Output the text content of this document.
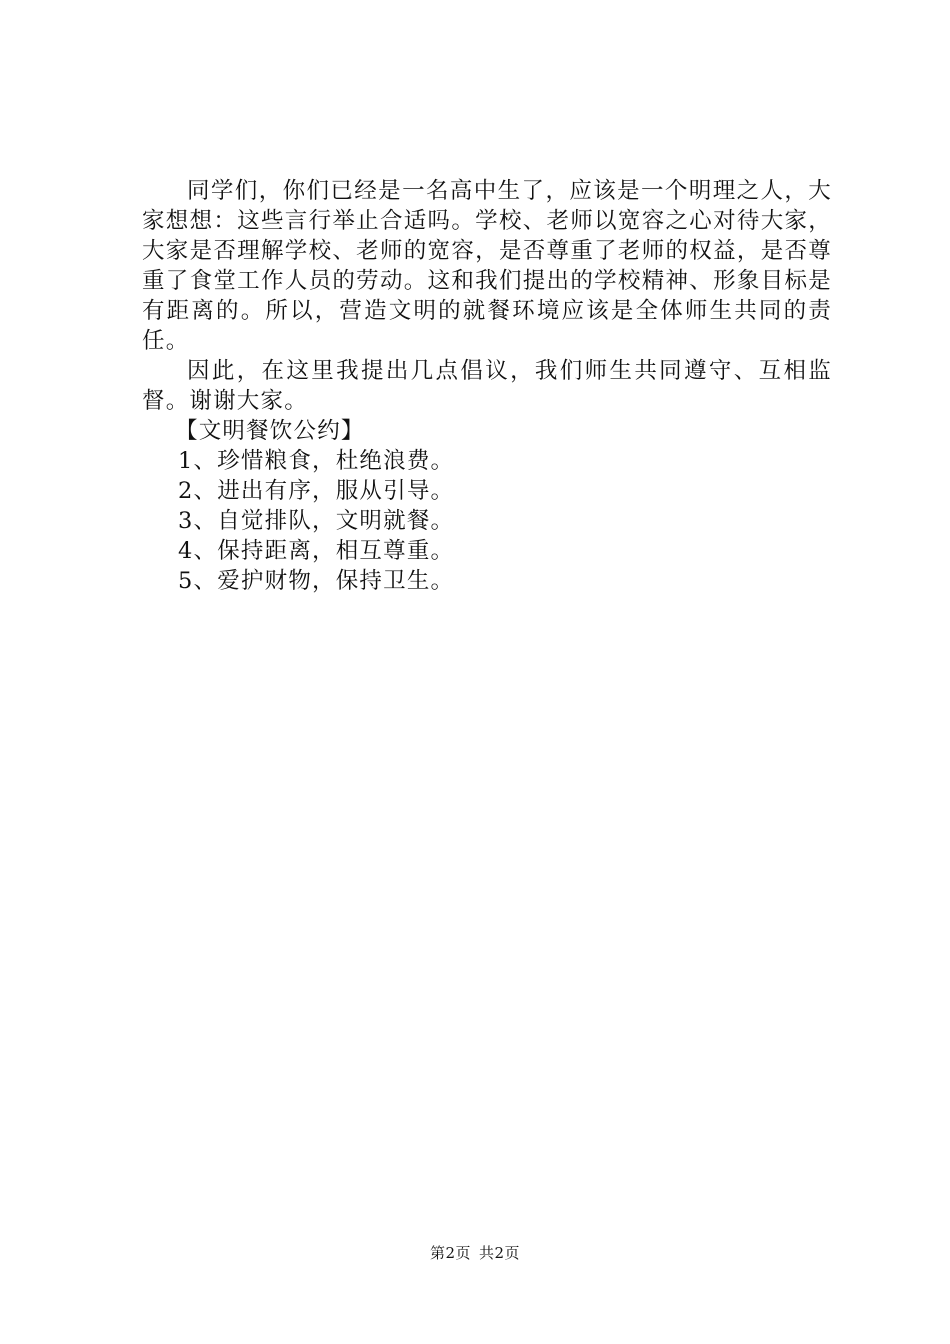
同学们，你们已经是一名高中生了，应该是一个明理之人，大家想想：这些言行举止合适吗。学校、老师以宽容之心对待大家，大家是否理解学校、老师的宽容，是否尊重了老师的权益，是否尊重了食堂工作人员的劳动。这和我们提出的学校精神、形象目标是有距离的。所以，营造文明的就餐环境应该是全体师生共同的责任。

因此，在这里我提出几点倡议，我们师生共同遵守、互相监督。谢谢大家。

【文明餐饮公约】

1、珍惜粮食，杜绝浪费。

2、进出有序，服从引导。

3、自觉排队，文明就餐。

4、保持距离，相互尊重。

5、爱护财物，保持卫生。

第2页 共2页
